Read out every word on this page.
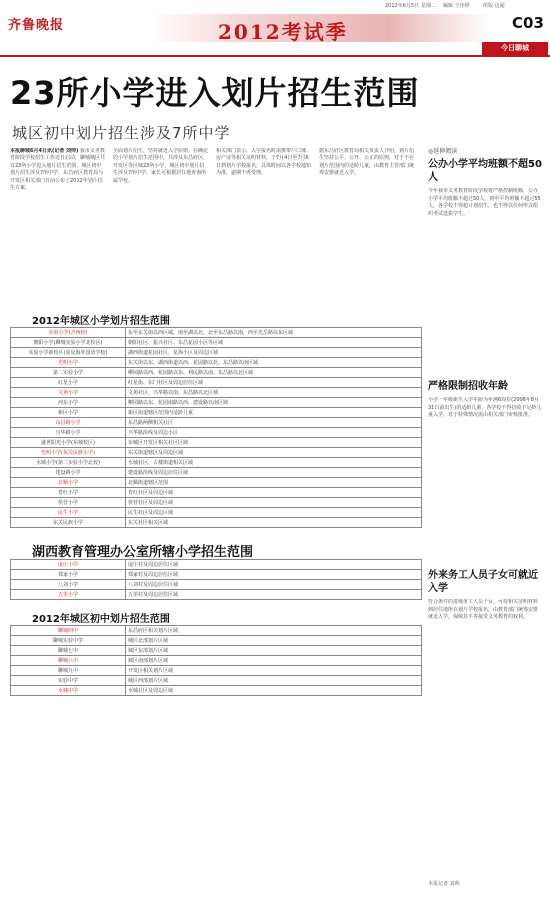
2012年6月5日 星期二 编辑 王伟烨	组版 边闻
齐鲁晚报	2012考试季	C03
今日聊城
23所小学进入划片招生范围
城区初中划片招生涉及7所中学
本报聊城6月4日讯(记者 刘帅) 我市义务教育阶段学校招生工作近日启动，聊城城区共有23所小学进入划片招生范围，城区初中划片招生涉及7所中学，东昌府区教育局与开发区相关部门日前公布了2012年划片招生方案。
全面划片招生，坚持就近入学原则。在确定的小学划片招生范围中，共涉及东昌府区、开发区等区域23所小学，城区初中划片招生涉及7所中学，家长可根据居住地查询所属学校。
相关部门表示，入学报名时需携带户口簿、房产证等相关证明材料，于7月4日至7月6日到划片学校报名，具体时间以各学校通知为准，逾期不再受理。
据东昌府区教育局相关负责人介绍，划片招生坚持公平、公开、公正的原则，对于不在划片范围内的适龄儿童，由教育主管部门统筹安排就近入学。
◎延伸阅读
公办小学平均班额不超50人
今年我市义务教育阶段学校将严格控制班额，公办小学平均班额不超过50人，初中平均班额不超过55人，各学校不得超计划招生，也不得以任何形式组织考试选拔学生。
严格限制招收年龄
小学一年级新生入学年龄为年满6周岁(2006年8月31日前出生)的适龄儿童，各学校不得招收不足龄儿童入学，对于特殊情况需由相关部门审核批准。
外来务工人员子女可就近入学
符合条件的进城务工人员子女，可持相关证明材料到居住地所在划片学校报名，由教育部门统筹安排就近入学，保障其平等接受义务教育的权利。
本报记者 刘帅
2012年城区小学划片招生范围
实验小学(含西校)	东至东关街以西区域，南至湖以北，北至东昌路以南，西至光岳路以东区域
朝阳小学(聊城实验小学北校区)	朝阳社区、振兴社区、东昌花园小区等区域
实验小学新校区(原星海外国语学校)	湖西街道花园社区、星海小区及周边区域
光明小学	东关街以东、湖西街道以西、花园路以北、东昌路以南区域
第二实验小学	柳园路以西、花园路以东、利民路以南、东昌路以北区域
红星小学	红星街、东门社区及周边居住区域
文苑小学	文苑社区、兴华路以南、东昌路以北区域
河东小学	柳园路以东、花园南路以西、建设路以南区域
新区小学	新区街道辖区范围内适龄儿童
东昌路小学	东昌路两侧相关社区
兴华路小学	兴华路沿线及周边小区
盛世阳光小学(东城校区)	东城区开发区相关社区区域
光明小学(东关民族小学)	东关街道辖区及周边区域
水城小学(第二实验小学北校)	水城社区、古楼街道相关区域
建设路小学	建设路沿线及周边居住区域
北顺小学	北顺街道辖区范围
育红小学	育红社区及周边区域
侯营小学	侯营社区及周边区域
民生小学	民生社区及周边区域
东关民族小学	东关社区相关区域
湖西教育管理办公室所辖小学招生范围
庞庄小学	庞庄村及周边居住区域
郑家小学	郑家村及周边居住区域
八刘小学	八刘村及周边居住区域
五里小学	五里村及周边居住区域
2012年城区初中划片招生范围
聊城四中	东昌府区相关划片区域
聊城实验中学	城区北部划片区域
聊城七中	城区东部划片区域
聊城八中	城区南部划片区域
聊城九中	开发区相关划片区域
实验中学	城区西部划片区域
水城中学	水城社区及周边区域
